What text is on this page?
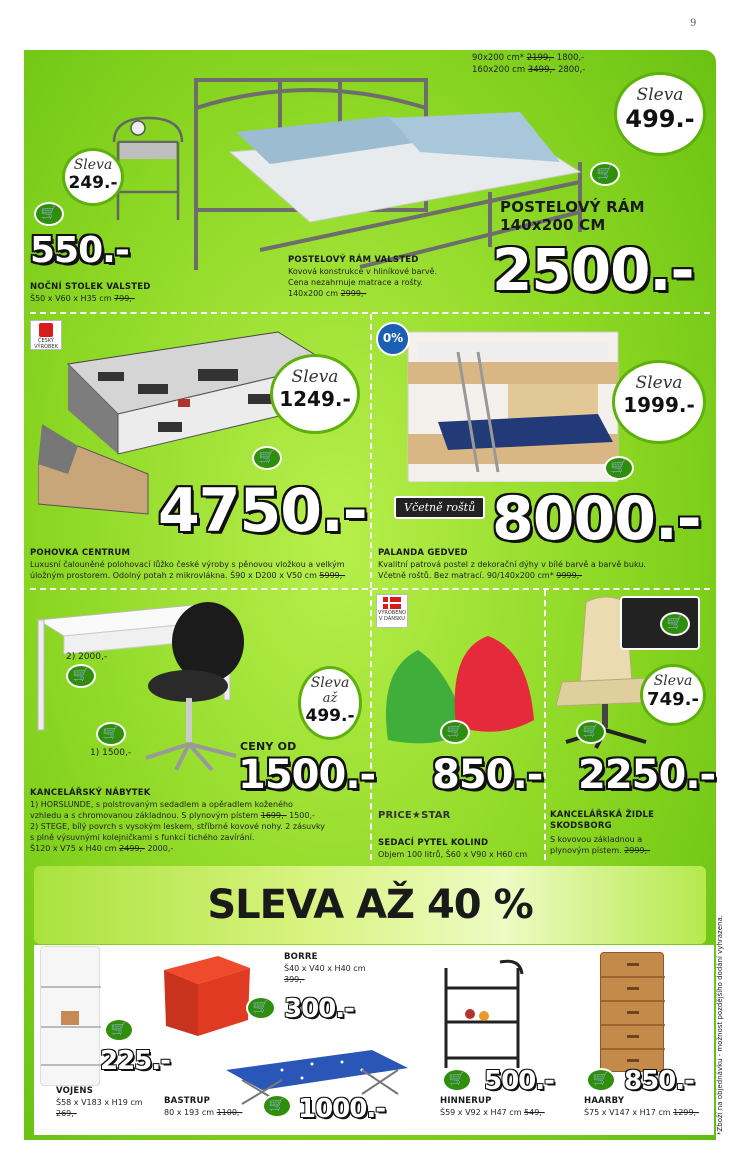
9
90x200 cm* 2199,- 1800,-
160x200 cm 3499,- 2800,-
Sleva
499.-
🛒
Sleva
249.-
🛒	POSTELOVÝ RÁM
140x200 CM
2500.-
550.-
NOČNÍ STOLEK VALSTED
Š50 x V60 x H35 cm 799,-
POSTELOVÝ RÁM VALSTED
Kovová konstrukce v hliníkové barvě.
Cena nezahrnuje matrace a rošty.
140x200 cm 2999,-
ČESKÝ VÝROBEK
Sleva
1249.-
🛒
4750.-
POHOVKA CENTRUM
Luxusní čalouněné polohovací lůžko české výroby s pěnovou vložkou a velkým
úložným prostorem. Odolný potah z mikrovlákna. Š90 x D200 x V50 cm 5999,-
0%
Sleva
1999.-
🛒
Včetně roštů 8000.-
PALANDA GEDVED
Kvalitní patrová postel z dekorační dýhy v bílé barvě a barvě buku.
Včetně roštů. Bez matrací. 90/140x200 cm* 9999,-
2) 2000,-
🛒
🛒
1) 1500,-
Sleva
až
499.-
CENY OD
1500.-
KANCELÁŘSKÝ NÁBYTEK
1) HORSLUNDE, s polstrovaným sedadlem a opěradlem koženého
vzhledu a s chromovanou základnou. S plynovým pístem 1699,- 1500,-
2) STEGE, bílý povrch s vysokým leskem, stříbrné kovové nohy. 2 zásuvky
s plně výsuvnými kolejničkami s funkcí tichého zavírání.
Š120 x V75 x H40 cm 2499,- 2000,-
VÝROBENO V DÁNSKU
🛒
850.-
PRICE★STAR
SEDACÍ PYTEL KOLIND
Objem 100 litrů, Š60 x V90 x H60 cm
🛒
Sleva
749.-
🛒
2250.-
KANCELÁŘSKÁ ŽIDLE
SKODSBORG
S kovovou základnou a
plynovým pístem. 2999,-
SLEVA AŽ 40 %
🛒
225.-
VOJENS
Š58 x V183 x H19 cm
269,-
BORRE
Š40 x V40 x H40 cm
399,-
🛒 300.-
BASTRUP
80 x 193 cm 1100,-	🛒 1000.-
🛒 500.-
HINNERUP
Š59 x V92 x H47 cm 549,-
🛒 850.-
HAARBY
Š75 x V147 x H17 cm 1299,- *Zboží na objednávku - možnost pozdějšího dodání vyhrazena.
